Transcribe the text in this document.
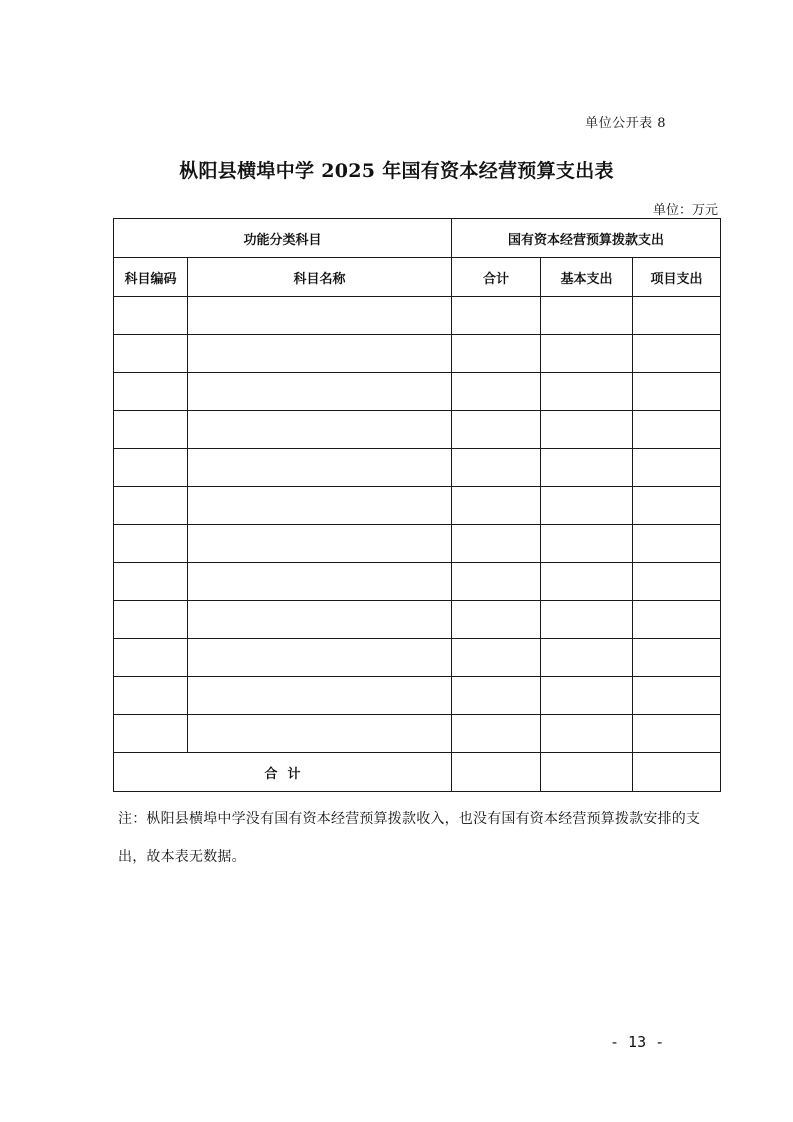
单位公开表 8
枞阳县横埠中学 2025 年国有资本经营预算支出表
单位：万元
功能分类科目		国有资本经营预算拨款支出		
科目编码	科目名称	合计	基本支出	项目支出

合计				
注：枞阳县横埠中学没有国有资本经营预算拨款收入，也没有国有资本经营预算拨款安排的支出，故本表无数据。
- 13 -
